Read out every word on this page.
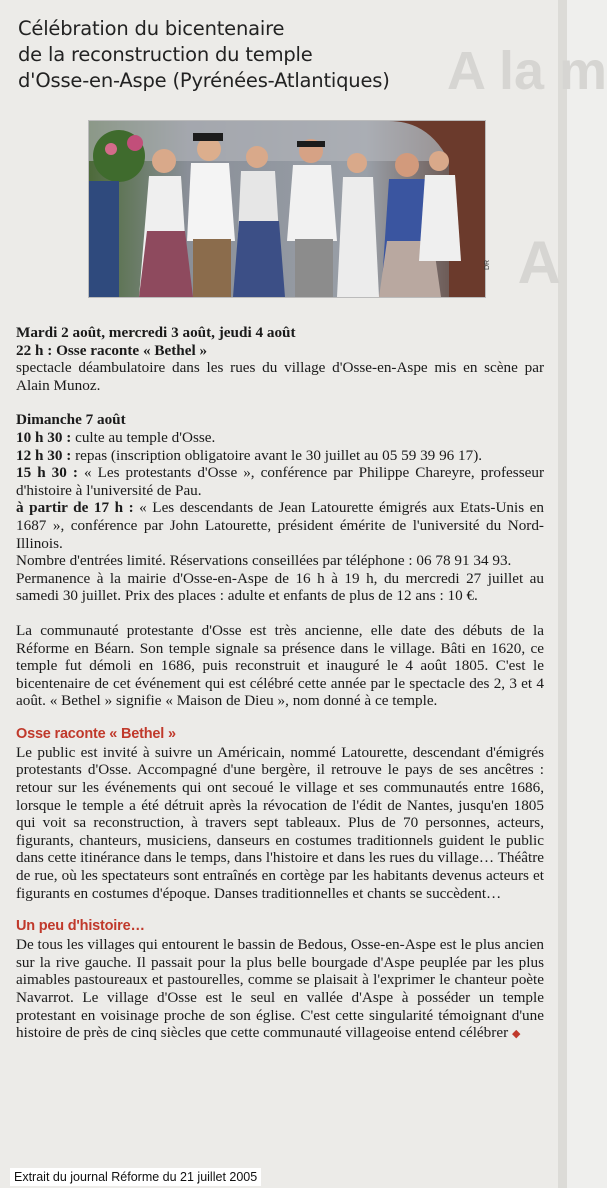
A la m
A
Célébration du bicentenaire
de la reconstruction du temple
d'Osse-en-Aspe (Pyrénées-Atlantiques)
DR

Mardi 2 août, mercredi 3 août, jeudi 4 août

22 h : Osse raconte « Bethel »

spectacle déambulatoire dans les rues du village d'Osse-en-Aspe mis en scène par Alain Munoz.

Dimanche 7 août

10 h 30 : culte au temple d'Osse.

12 h 30 : repas (inscription obligatoire avant le 30 juillet au 05 59 39 96 17).

15 h 30 : « Les protestants d'Osse », conférence par Philippe Chareyre, professeur d'histoire à l'université de Pau.

à partir de 17 h : « Les descendants de Jean Latourette émigrés aux Etats-Unis en 1687 », conférence par John Latourette, président émérite de l'université du Nord-Illinois.

Nombre d'entrées limité. Réservations conseillées par téléphone : 06 78 91 34 93.

Permanence à la mairie d'Osse-en-Aspe de 16 h à 19 h, du mercredi 27 juillet au samedi 30 juillet. Prix des places : adulte et enfants de plus de 12 ans : 10 €.

La communauté protestante d'Osse est très ancienne, elle date des débuts de la Réforme en Béarn. Son temple signale sa présence dans le village. Bâti en 1620, ce temple fut démoli en 1686, puis reconstruit et inauguré le 4 août 1805. C'est le bicentenaire de cet événement qui est célébré cette année par le spectacle des 2, 3 et 4 août. « Bethel » signifie « Maison de Dieu », nom donné à ce temple.

Osse raconte « Bethel »

Le public est invité à suivre un Américain, nommé Latourette, descendant d'émigrés protestants d'Osse. Accompagné d'une bergère, il retrouve le pays de ses ancêtres : retour sur les événements qui ont secoué le village et ses communautés entre 1686, lorsque le temple a été détruit après la révocation de l'édit de Nantes, jusqu'en 1805 qui voit sa reconstruction, à travers sept tableaux. Plus de 70 personnes, acteurs, figurants, chanteurs, musiciens, danseurs en costumes traditionnels guident le public dans cette itinérance dans le temps, dans l'histoire et dans les rues du village… Théâtre de rue, où les spectateurs sont entraînés en cortège par les habitants devenus acteurs et figurants en costumes d'époque. Danses traditionnelles et chants se succèdent…

Un peu d'histoire…

De tous les villages qui entourent le bassin de Bedous, Osse-en-Aspe est le plus ancien sur la rive gauche. Il passait pour la plus belle bourgade d'Aspe peuplée par les plus aimables pastoureaux et pastourelles, comme se plaisait à l'exprimer le chanteur poète Navarrot. Le village d'Osse est le seul en vallée d'Aspe à posséder un temple protestant en voisinage proche de son église. C'est cette singularité témoignant d'une histoire de près de cinq siècles que cette communauté villageoise entend célébrer ◆

Extrait du journal Réforme du 21 juillet 2005
